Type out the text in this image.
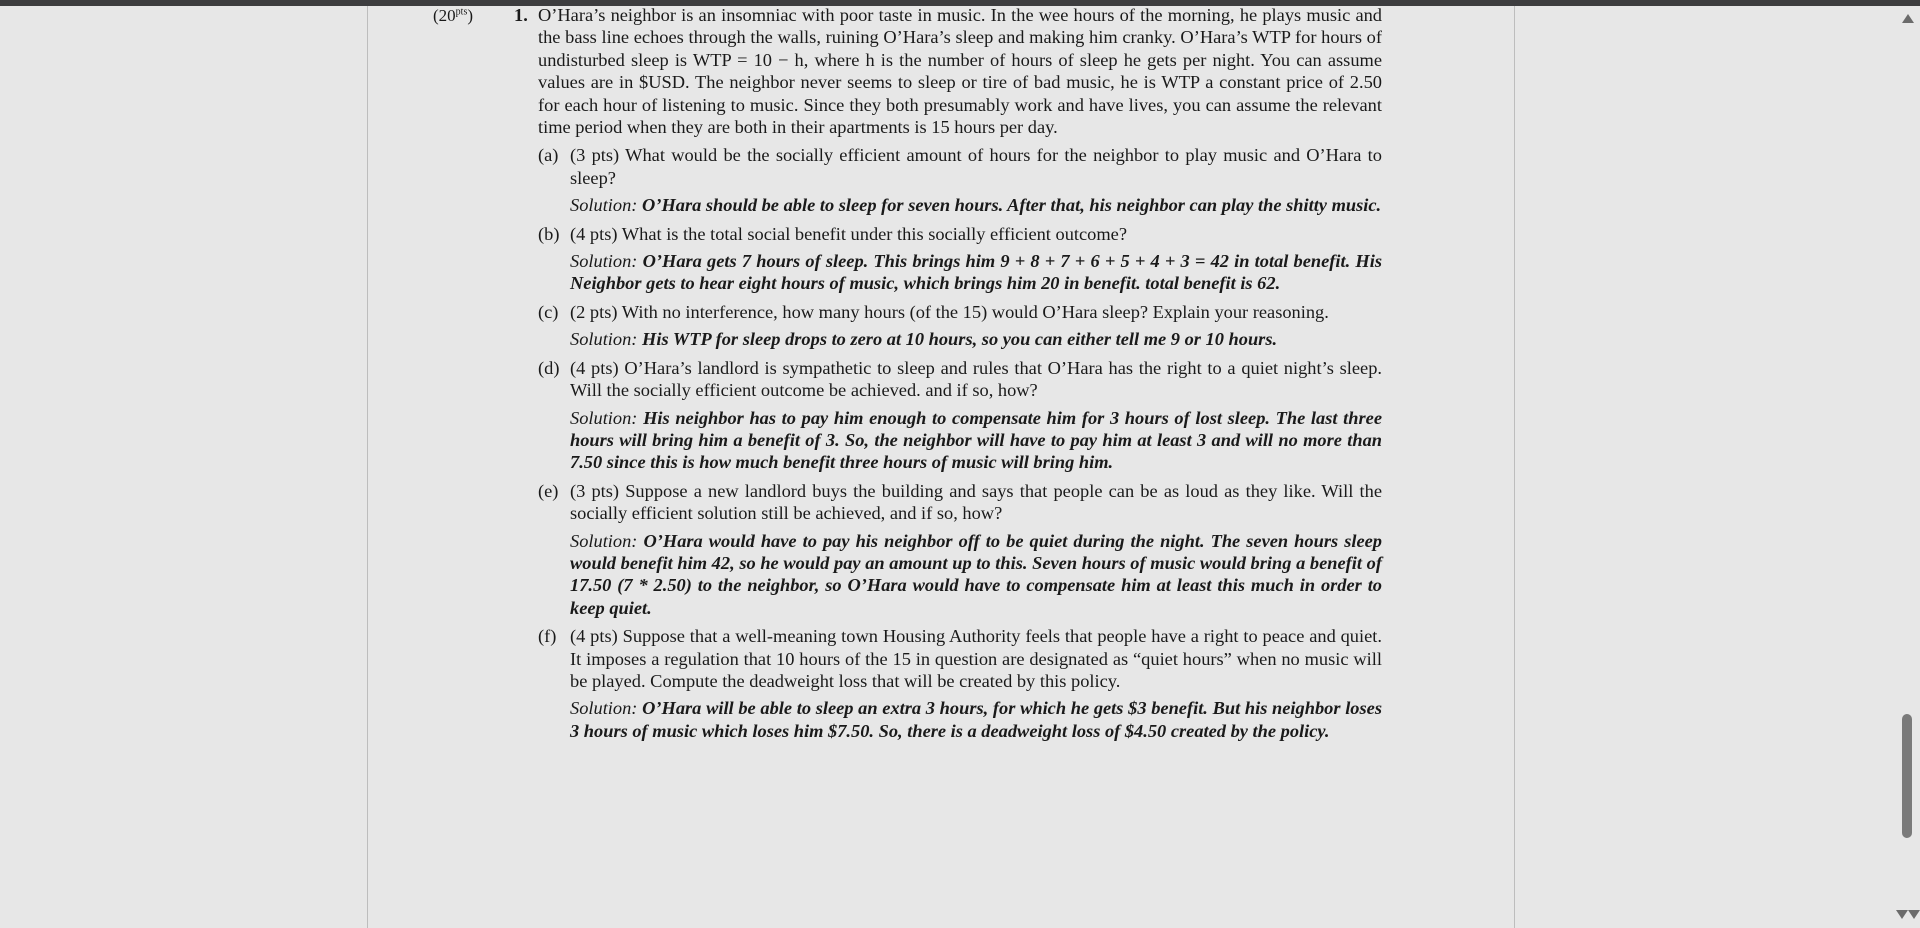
$(20^{pts})$ 1. O’Hara’s neighbor is an insomniac with poor taste in music. In the wee hours of the morning, he plays music and the bass line echoes through the walls, ruining O’Hara’s sleep and making him cranky. O’Hara’s WTP for hours of undisturbed sleep is WTP = 10 − h, where h is the number of hours of sleep he gets per night. You can assume values are in $USD. The neighbor never seems to sleep or tire of bad music, he is WTP a constant price of 2.50 for each hour of listening to music. Since they both presumably work and have lives, you can assume the relevant time period when they are both in their apartments is 15 hours per day.
(a) (3 pts) What would be the socially efficient amount of hours for the neighbor to play music and O’Hara to sleep?
Solution: O’Hara should be able to sleep for seven hours. After that, his neighbor can play the shitty music.
(b) (4 pts) What is the total social benefit under this socially efficient outcome?
Solution: O’Hara gets 7 hours of sleep. This brings him 9 + 8 + 7 + 6 + 5 + 4 + 3 = 42 in total benefit. His Neighbor gets to hear eight hours of music, which brings him 20 in benefit. total benefit is 62.
(c) (2 pts) With no interference, how many hours (of the 15) would O’Hara sleep? Explain your reasoning.
Solution: His WTP for sleep drops to zero at 10 hours, so you can either tell me 9 or 10 hours.
(d) (4 pts) O’Hara’s landlord is sympathetic to sleep and rules that O’Hara has the right to a quiet night’s sleep. Will the socially efficient outcome be achieved. and if so, how?
Solution: His neighbor has to pay him enough to compensate him for 3 hours of lost sleep. The last three hours will bring him a benefit of 3. So, the neighbor will have to pay him at least 3 and will no more than 7.50 since this is how much benefit three hours of music will bring him.
(e) (3 pts) Suppose a new landlord buys the building and says that people can be as loud as they like. Will the socially efficient solution still be achieved, and if so, how?
Solution: O’Hara would have to pay his neighbor off to be quiet during the night. The seven hours sleep would benefit him 42, so he would pay an amount up to this. Seven hours of music would bring a benefit of 17.50 (7 * 2.50) to the neighbor, so O’Hara would have to compensate him at least this much in order to keep quiet.
(f) (4 pts) Suppose that a well-meaning town Housing Authority feels that people have a right to peace and quiet. It imposes a regulation that 10 hours of the 15 in question are designated as “quiet hours” when no music will be played. Compute the deadweight loss that will be created by this policy.
Solution: O’Hara will be able to sleep an extra 3 hours, for which he gets $3 benefit. But his neighbor loses 3 hours of music which loses him $7.50. So, there is a deadweight loss of $4.50 created by the policy.
